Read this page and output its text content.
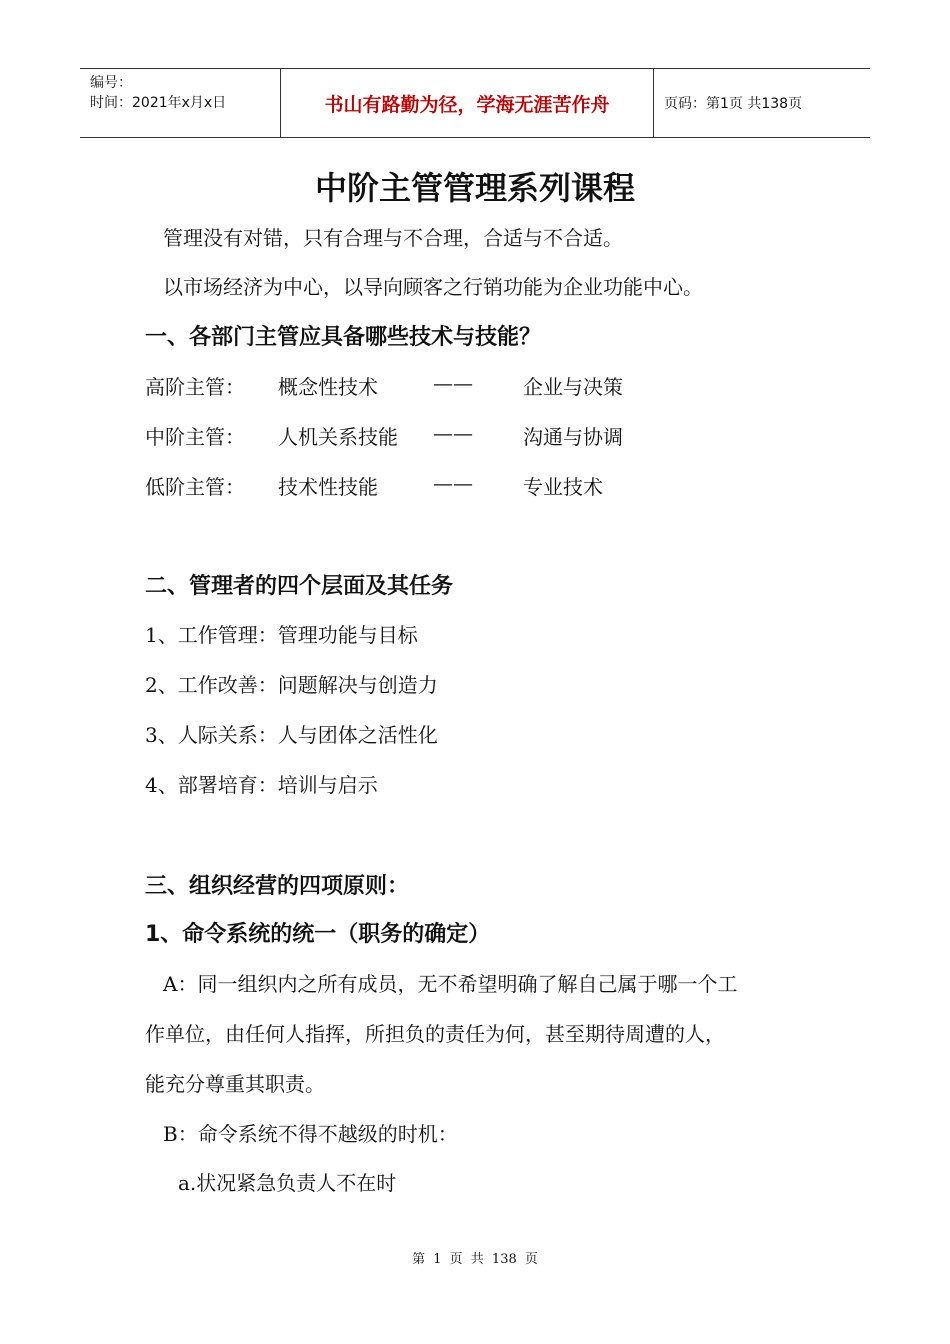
编号：
时间：2021年x月x日	书山有路勤为径，学海无涯苦作舟	页码：第1页 共138页
中阶主管管理系列课程
管理没有对错，只有合理与不合理，合适与不合适。
以市场经济为中心，以导向顾客之行销功能为企业功能中心。
一、各部门主管应具备哪些技术与技能？
高阶主管： 概念性技术	——	企业与决策
中阶主管： 人机关系技能 ——	沟通与协调
低阶主管： 技术性技能	——	专业技术
二、管理者的四个层面及其任务
1、工作管理：管理功能与目标
2、工作改善：问题解决与创造力
3、人际关系：人与团体之活性化
4、部署培育：培训与启示
三、组织经营的四项原则：
1、命令系统的统一（职务的确定）
A：同一组织内之所有成员，无不希望明确了解自己属于哪一个工
作单位，由任何人指挥，所担负的责任为何，甚至期待周遭的人，
能充分尊重其职责。
B：命令系统不得不越级的时机：
a.状况紧急负责人不在时
第 1 页 共 138 页
